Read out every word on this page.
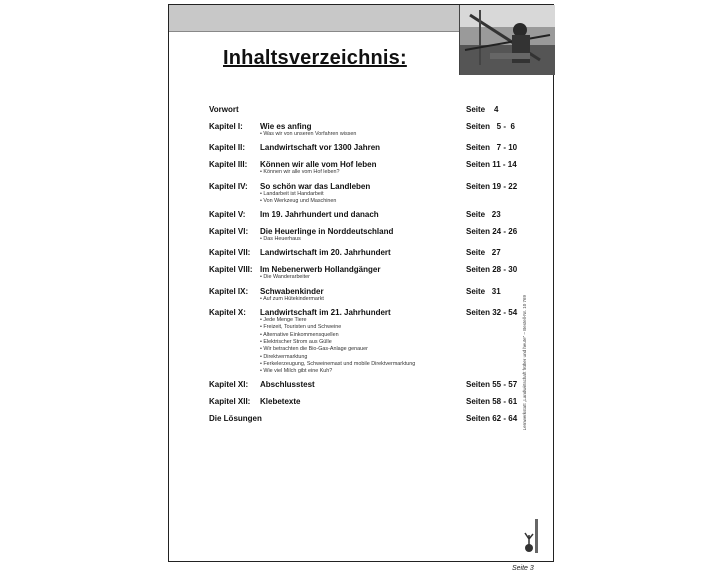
Inhaltsverzeichnis:
Vorwort	Seite    4
Kapitel I: Wie es anfing	Seiten   5 -  6
• Was wir von unseren Vorfahren wissen
Kapitel II: Landwirtschaft vor 1300 Jahren	Seiten   7 - 10
Kapitel III: Können wir alle vom Hof leben	Seiten 11 - 14
• Können wir alle vom Hof leben?
Kapitel IV: So schön war das Landleben	Seiten 19 - 22
• Landarbeit ist Handarbeit
• Von Werkzeug und Maschinen
Kapitel V: Im 19. Jahrhundert und danach	Seite   23
Kapitel VI: Die Heuerlinge in Norddeutschland	Seiten 24 - 26
• Das Heuerhaus
Kapitel VII: Landwirtschaft im 20. Jahrhundert	Seite   27
Kapitel VIII: Im Nebenerwerb Hollandgänger	Seiten 28 - 30
• Die Wanderarbeiter
Kapitel IX: Schwabenkinder	Seite   31
• Auf zum Hütekindermarkt
Kapitel X: Landwirtschaft im 21. Jahrhundert	Seiten 32 - 54
• Jede Menge Tiere
• Freizeit, Touristen und Schweine
• Alternative Einkommensquellen
• Elektrischer Strom aus Gülle
• Wir betrachten die Bio-Gas-Anlage genauer
• Direktvermarktung
• Ferkelerzeugung, Schweinemast und mobile Direktvermarktung
• Wie viel Milch gibt eine Kuh?
Kapitel XI: Abschlusstest	Seiten 55 - 57
Kapitel XII: Klebetexte	Seiten 58 - 61
Die Lösungen	Seiten 62 - 64 Lernwerkstatt „Landwirtschaft früher und heute" – Bestell-Nr. 10 769
Seite 3
